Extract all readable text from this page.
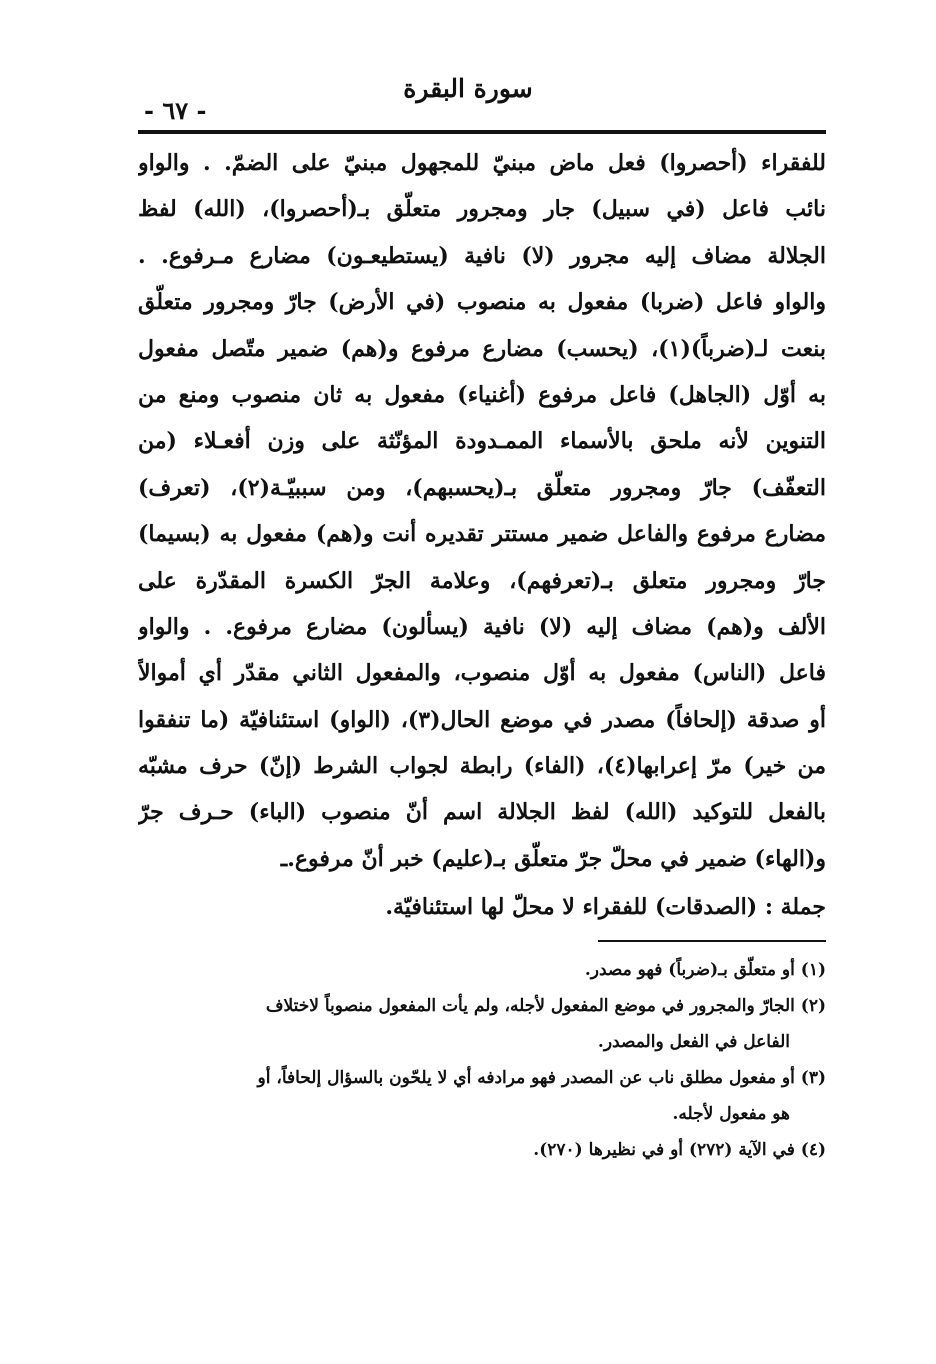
سورة البقرة
- ٦٧ -
للفقراء (أحصروا) فعل ماض مبنيّ للمجهول مبنيّ على الضمّ. . والواو
نائب فاعل (في سبيل) جار ومجرور متعلّق بـ(أحصروا)، (الله) لفظ
الجلالة مضاف إليه مجرور (لا) نافية (يستطيعـون) مضارع مـرفوع. .
والواو فاعل (ضربا) مفعول به منصوب (في الأرض) جارّ ومجرور متعلّق
بنعت لـ(ضرباً)(١)، (يحسب) مضارع مرفوع و(هم) ضمير متّصل مفعول
به أوّل (الجاهل) فاعل مرفوع (أغنياء) مفعول به ثان منصوب ومنع من
التنوين لأنه ملحق بالأسماء الممـدودة المؤنّثة على وزن أفعـلاء (من
التعفّف) جارّ ومجرور متعلّق بـ(يحسبهم)، ومن سببيّـة(٢)، (تعرف)
مضارع مرفوع والفاعل ضمير مستتر تقديره أنت و(هم) مفعول به (بسيما)
جارّ ومجرور متعلق بـ(تعرفهم)، وعلامة الجرّ الكسرة المقدّرة على
الألف و(هم) مضاف إليه (لا) نافية (يسألون) مضارع مرفوع. . والواو
فاعل (الناس) مفعول به أوّل منصوب، والمفعول الثاني مقدّر أي أموالاً
أو صدقة (إلحافاً) مصدر في موضع الحال(٣)، (الواو) استئنافيّة (ما تنفقوا
من خير) مرّ إعرابها(٤)، (الفاء) رابطة لجواب الشرط (إنّ) حرف مشبّه
بالفعل للتوكيد (الله) لفظ الجلالة اسم أنّ منصوب (الباء) حـرف جرّ
و(الهاء) ضمير في محلّ جرّ متعلّق بـ(عليم) خبر أنّ مرفوع.ـ
جملة : (الصدقات) للفقراء لا محلّ لها استئنافيّة.
(١) أو متعلّق بـ(ضرباً) فهو مصدر.
(٢) الجارّ والمجرور في موضع المفعول لأجله، ولم يأت المفعول منصوباً لاختلاف
الفاعل في الفعل والمصدر.
(٣) أو مفعول مطلق ناب عن المصدر فهو مرادفه أي لا يلحّون بالسؤال إلحافاً، أو
هو مفعول لأجله.
(٤) في الآية (٢٧٢) أو في نظيرها (٢٧٠).
